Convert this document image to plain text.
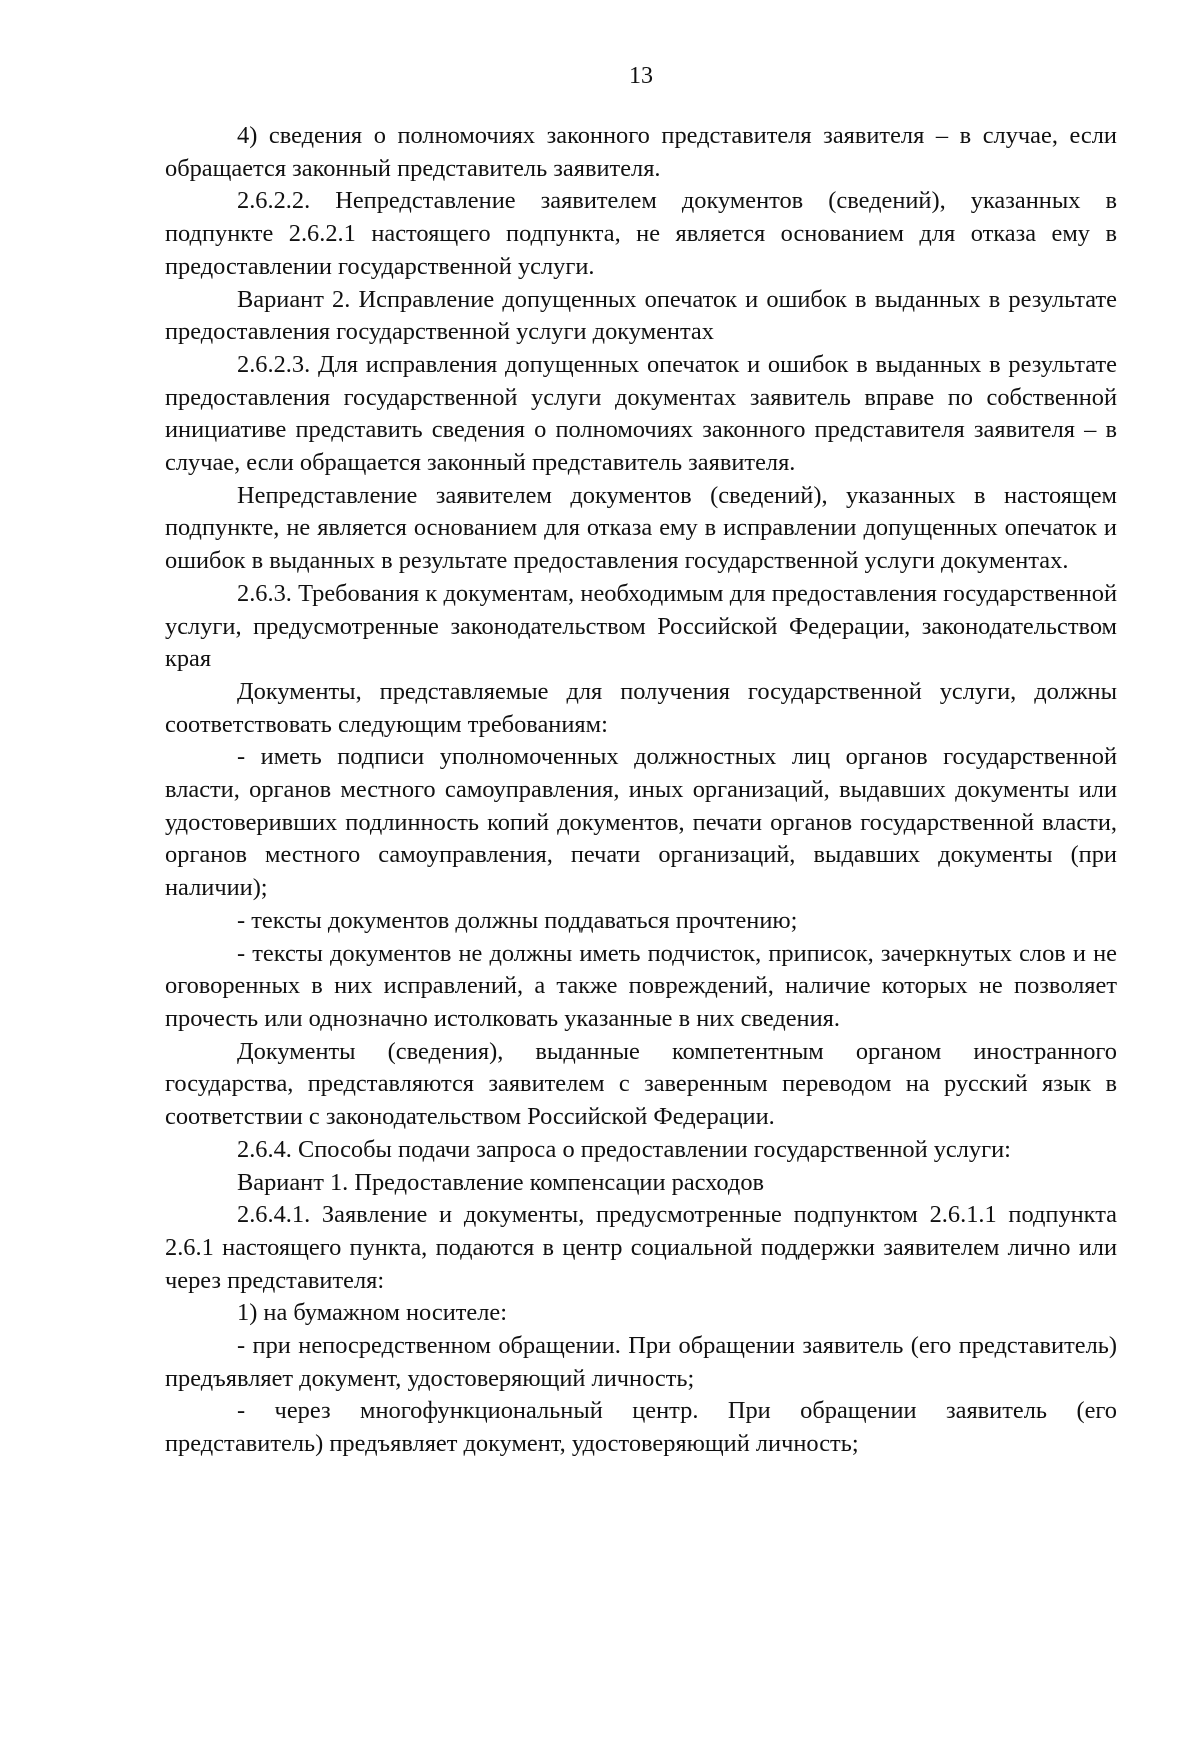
13

4) сведения о полномочиях законного представителя заявителя – в случае, если обращается законный представитель заявителя.

2.6.2.2. Непредставление заявителем документов (сведений), указанных в подпункте 2.6.2.1 настоящего подпункта, не является основанием для отказа ему в предоставлении государственной услуги.

Вариант 2. Исправление допущенных опечаток и ошибок в выданных в результате предоставления государственной услуги документах

2.6.2.3. Для исправления допущенных опечаток и ошибок в выданных в результате предоставления государственной услуги документах заявитель вправе по собственной инициативе представить сведения о полномочиях законного представителя заявителя – в случае, если обращается законный представитель заявителя.

Непредставление заявителем документов (сведений), указанных в настоящем подпункте, не является основанием для отказа ему в исправлении допущенных опечаток и ошибок в выданных в результате предоставления государственной услуги документах.

2.6.3. Требования к документам, необходимым для предоставления государственной услуги, предусмотренные законодательством Российской Федерации, законодательством края

Документы, представляемые для получения государственной услуги, должны соответствовать следующим требованиям:

- иметь подписи уполномоченных должностных лиц органов государственной власти, органов местного самоуправления, иных организаций, выдавших документы или удостоверивших подлинность копий документов, печати органов государственной власти, органов местного самоуправления, печати организаций, выдавших документы (при наличии);

- тексты документов должны поддаваться прочтению;

- тексты документов не должны иметь подчисток, приписок, зачеркнутых слов и не оговоренных в них исправлений, а также повреждений, наличие которых не позволяет прочесть или однозначно истолковать указанные в них сведения.

Документы (сведения), выданные компетентным органом иностранного государства, представляются заявителем с заверенным переводом на русский язык в соответствии с законодательством Российской Федерации.

2.6.4. Способы подачи запроса о предоставлении государственной услуги:

Вариант 1. Предоставление компенсации расходов

2.6.4.1. Заявление и документы, предусмотренные подпунктом 2.6.1.1 подпункта 2.6.1 настоящего пункта, подаются в центр социальной поддержки заявителем лично или через представителя:

1) на бумажном носителе:

- при непосредственном обращении. При обращении заявитель (его представитель) предъявляет документ, удостоверяющий личность;

- через многофункциональный центр. При обращении заявитель (его представитель) предъявляет документ, удостоверяющий личность;
